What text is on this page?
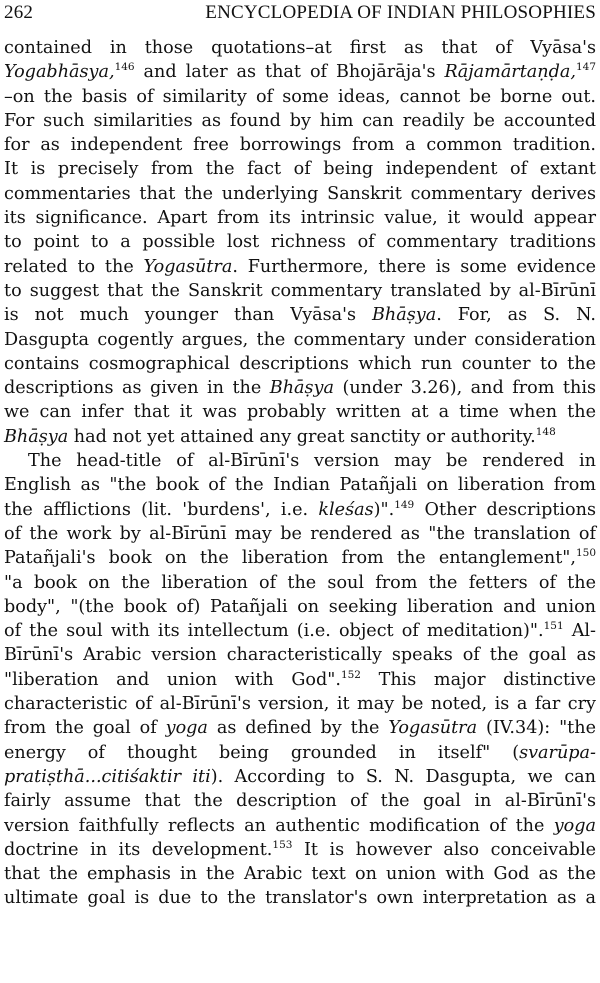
262	ENCYCLOPEDIA OF INDIAN PHILOSOPHIES
contained in those quotations–at first as that of Vyāsa's
Yogabhāsya,$^{146}$ and later as that of Bhojārāja's Rājamārtaṇḍa,$^{147}$
–on the basis of similarity of some ideas, cannot be borne out.
For such similarities as found by him can readily be accounted
for as independent free borrowings from a common tradition.
It is precisely from the fact of being independent of extant
commentaries that the underlying Sanskrit commentary derives
its significance. Apart from its intrinsic value, it would appear
to point to a possible lost richness of commentary traditions
related to the Yogasūtra. Furthermore, there is some evidence
to suggest that the Sanskrit commentary translated by al-Bīrūnī
is not much younger than Vyāsa's Bhāṣya. For, as S. N.
Dasgupta cogently argues, the commentary under consideration
contains cosmographical descriptions which run counter to the
descriptions as given in the Bhāṣya (under 3.26), and from this
we can infer that it was probably written at a time when the
Bhāṣya had not yet attained any great sanctity or authority.$^{148}$
The head-title of al-Bīrūnī's version may be rendered in
English as "the book of the Indian Patañjali on liberation from
the afflictions (lit. 'burdens', i.e. kleśas)".$^{149}$ Other descriptions
of the work by al-Bīrūnī may be rendered as "the translation of
Patañjali's book on the liberation from the entanglement",$^{150}$
"a book on the liberation of the soul from the fetters of the
body", "(the book of) Patañjali on seeking liberation and union
of the soul with its intellectum (i.e. object of meditation)".$^{151}$ Al-
Bīrūnī's Arabic version characteristically speaks of the goal as
"liberation and union with God".$^{152}$ This major distinctive
characteristic of al-Bīrūnī's version, it may be noted, is a far cry
from the goal of yoga as defined by the Yogasūtra (IV.34): "the
energy of thought being grounded in itself" (svarūpa-
pratiṣthā...citiśaktir iti). According to S. N. Dasgupta, we can
fairly assume that the description of the goal in al-Bīrūnī's
version faithfully reflects an authentic modification of the yoga
doctrine in its development.$^{153}$ It is however also conceivable
that the emphasis in the Arabic text on union with God as the
ultimate goal is due to the translator's own interpretation as a
